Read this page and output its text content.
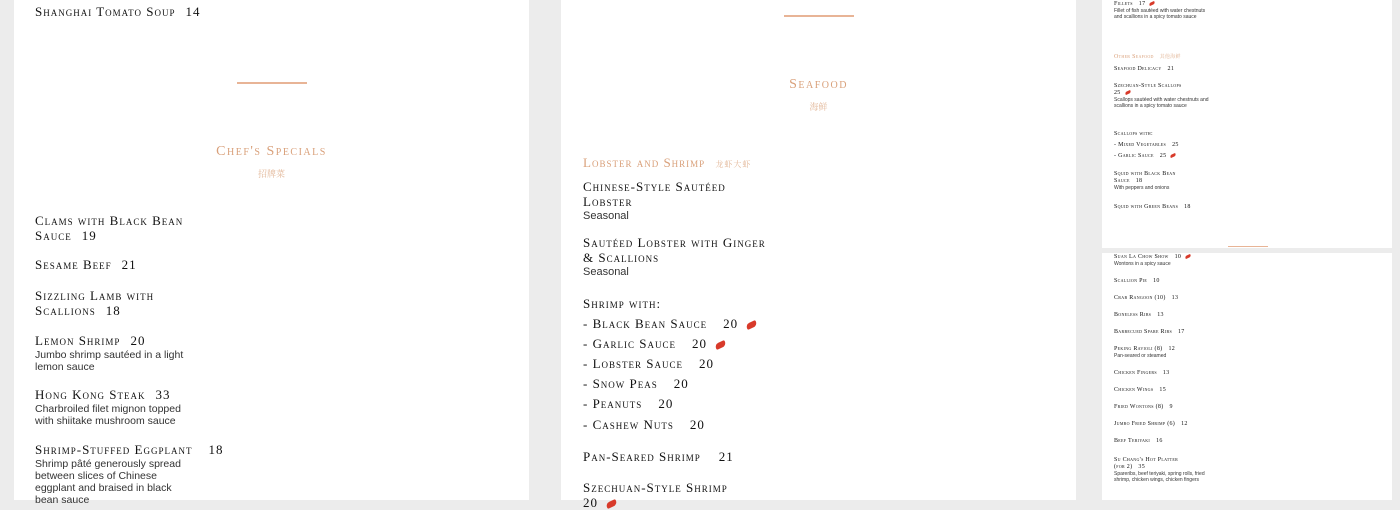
Shanghai Tomato Soup 14
Chef's Specials
招牌菜
Clams with Black Bean
Sauce 19
Sesame Beef 21
Sizzling Lamb with
Scallions 18
Lemon Shrimp 20
Jumbo shrimp sautéed in a light lemon sauce
Hong Kong Steak 33
Charbroiled filet mignon topped with shiitake mushroom sauce
Shrimp-Stuffed Eggplant 18
Shrimp pâté generously spread between slices of Chinese eggplant and braised in black bean sauce
Seafood
海鲜
Lobster and Shrimp 龙虾大虾
Chinese-Style Sautéed
Lobster
Seasonal
Sautéed Lobster with Ginger
& Scallions
Seasonal
Shrimp with:
- Black Bean Sauce 20
- Garlic Sauce 20
- Lobster Sauce 20
- Snow Peas 20
- Peanuts 20
- Cashew Nuts 20
Pan-Seared Shrimp 21
Szechuan-Style Shrimp
20
Fillets 17
Fillet of fish sautéed with water chestnuts and scallions in a spicy tomato sauce
Other Seafood 其他海鲜
Seafood Delicacy 21
Szechuan-Style Scallops
25
Scallops sautéed with water chestnuts and scallions in a spicy tomato sauce
Scallops with:
- Mixed Vegetables 25
- Garlic Sauce 25
Squid with Black Bean
Sauce 18
With peppers and onions
Squid with Green Beans 18
Suan La Chow Show 10
Wontons in a spicy sauce
Scallion Pie 10
Crab Rangoon (10) 13
Boneless Ribs 13
Barbecued Spare Ribs 17
Peking Ravioli (8) 12
Pan-seared or steamed
Chicken Fingers 13
Chicken Wings 15
Fried Wontons (8) 9
Jumbo Fried Shrimp (6) 12
Beef Teriyaki 16
Su Chang's Hot Platter
(for 2) 35
Spareribs, beef teriyaki, spring rolls, fried shrimp, chicken wings, chicken fingers
